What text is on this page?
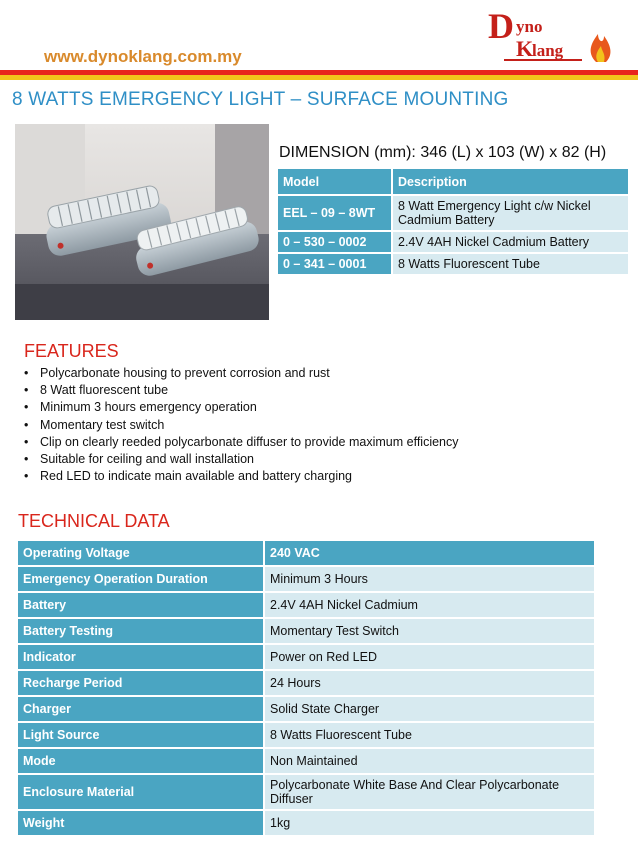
www.dynoklang.com.my
D yno
K
lang
8 WATTS EMERGENCY LIGHT – SURFACE MOUNTING
DIMENSION (mm): 346 (L) x 103 (W) x 82 (H)
Model	Description
EEL – 09 – 8WT	8 Watt Emergency Light c/w Nickel Cadmium Battery
0 – 530 – 0002	2.4V 4AH Nickel Cadmium Battery
0 – 341 – 0001	8 Watts Fluorescent Tube
FEATURES
• Polycarbonate housing to prevent corrosion and rust
• 8 Watt fluorescent tube
• Minimum 3 hours emergency operation
• Momentary test switch
• Clip on clearly reeded polycarbonate diffuser to provide maximum efficiency
• Suitable for ceiling and wall installation
• Red LED to indicate main available and battery charging
TECHNICAL DATA
Operating Voltage	240 VAC
Emergency Operation Duration	Minimum 3 Hours
Battery	2.4V 4AH Nickel Cadmium
Battery Testing	Momentary Test Switch
Indicator	Power on Red LED
Recharge Period	24 Hours
Charger	Solid State Charger
Light Source	8 Watts Fluorescent Tube
Mode	Non Maintained
Enclosure Material	Polycarbonate White Base And Clear Polycarbonate Diffuser
Weight	1kg
